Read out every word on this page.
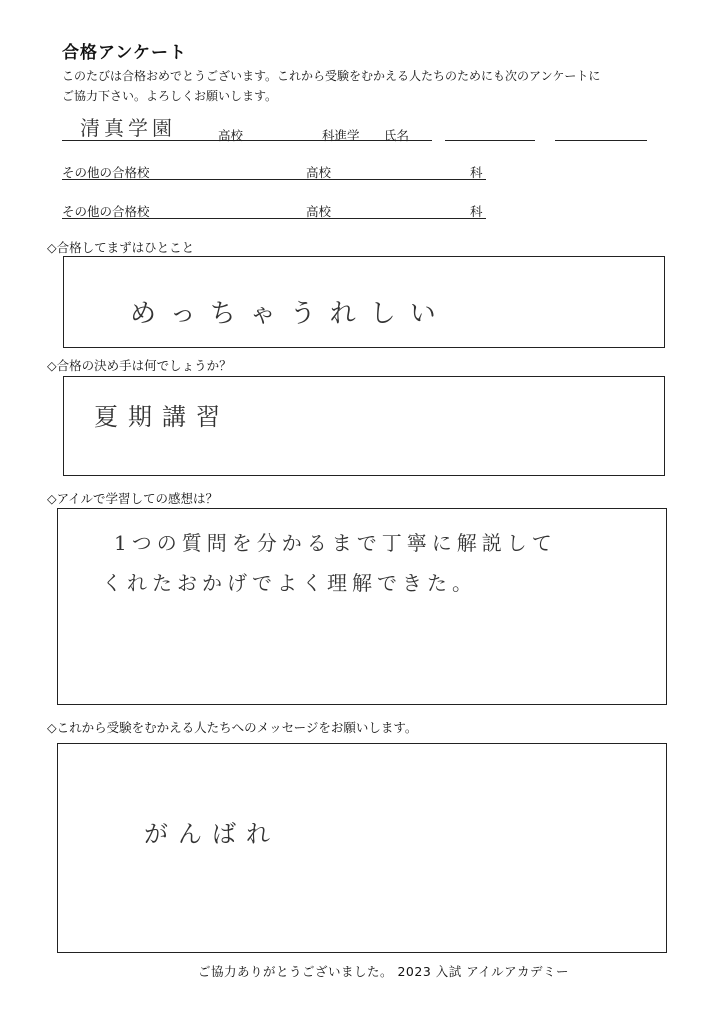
合格アンケート
このたびは合格おめでとうございます。これから受験をむかえる人たちのためにも次のアンケートに
ご協力下さい。よろしくお願いします。
清真学園	高校	科進学 氏名
その他の合格校	高校	科
その他の合格校	高校	科
◇合格してまずはひとこと
めっちゃうれしい
◇合格の決め手は何でしょうか？
夏期講習
◇アイルで学習しての感想は？
1つの質問を分かるまで丁寧に解説して
くれたおかげでよく理解できた。
◇これから受験をむかえる人たちへのメッセージをお願いします。
がんばれ
ご協力ありがとうございました。 2023 入試 アイルアカデミー
